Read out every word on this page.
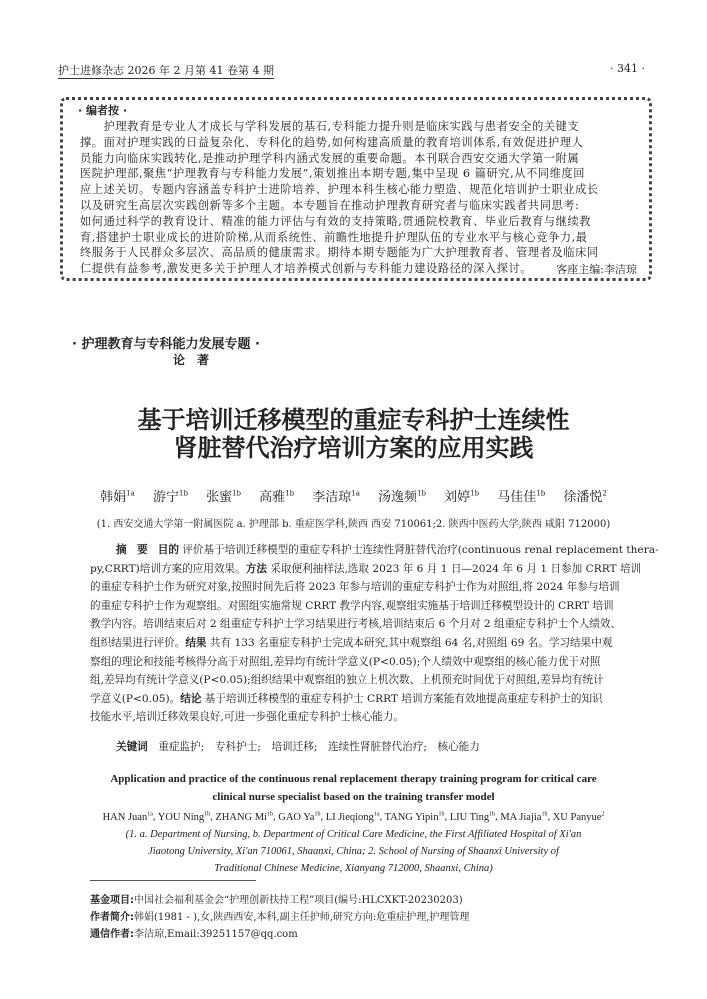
护士进修杂志 2026 年 2 月第 41 卷第 4 期	· 341 ·
· 编者按 ·
客座主编:李洁琼
· 护理教育与专科能力发展专题 ·
论著
基于培训迁移模型的重症专科护士连续性
肾脏替代治疗培训方案的应用实践
韩娟$^{1a}$ 游宁$^{1b}$ 张蜜$^{1b}$ 高雅$^{1b}$ 李洁琼$^{1a}$ 汤逸频$^{1b}$ 刘婷$^{1b}$ 马佳佳$^{1b}$ 徐潘悦$^2$
(1. 西安交通大学第一附属医院 a. 护理部 b. 重症医学科,陕西 西安 710061;2. 陕西中医药大学,陕西 咸阳 712000)
关键词　重症监护;　专科护士;　培训迁移;　连续性肾脏替代治疗;　核心能力
Application and practice of the continuous renal replacement therapy training program for critical care
clinical nurse specialist based on the training transfer model
HAN Juan$^{1a}$, YOU Ning$^{1b}$, ZHANG $Mi^{1b}$, GAO $Ya^{1b}$, LI Jieqiong$^{1a}$, TANG Yipin$^{1b}$, LIU Ting$^{1b}$, MA Jiajia$^{1b}$, XU Panyue$^2$
(1. a. Department of Nursing, b. Department of Critical Care Medicine, the First Affiliated Hospital of Xi'an
Jiaotong University, Xi'an 710061, Shaanxi, China; 2. School of Nursing of Shaanxi University of
Traditional Chinese Medicine, Xianyang 712000, Shaanxi, China)
　　护理教育是专业人才成长与学科发展的基石,专科能力提升则是临床实践与患者安全的关键支
撑。面对护理实践的日益复杂化、专科化的趋势,如何构建高质量的教育培训体系,有效促进护理人
员能力向临床实践转化,是推动护理学科内涵式发展的重要命题。本刊联合西安交通大学第一附属
医院护理部,聚焦“护理教育与专科能力发展”,策划推出本期专题,集中呈现 6 篇研究,从不同维度回
应上述关切。专题内容涵盖专科护士进阶培养、护理本科生核心能力塑造、规范化培训护士职业成长
以及研究生高层次实践创新等多个主题。本专题旨在推动护理教育研究者与临床实践者共同思考:
如何通过科学的教育设计、精准的能力评估与有效的支持策略,贯通院校教育、毕业后教育与继续教
育,搭建护士职业成长的进阶阶梯,从而系统性、前瞻性地提升护理队伍的专业水平与核心竞争力,最
终服务于人民群众多层次、高品质的健康需求。期待本期专题能为广大护理教育者、管理者及临床同
仁提供有益参考,激发更多关于护理人才培养模式创新与专科能力建设路径的深入探讨。
摘　要 目的 评价基于培训迁移模型的重症专科护士连续性肾脏替代治疗(continuous renal replacement thera-
py,CRRT)培训方案的应用效果。方法 采取便利抽样法,选取 2023 年 6 月 1 日—2024 年 6 月 1 日参加 CRRT 培训
的重症专科护士作为研究对象,按照时间先后将 2023 年参与培训的重症专科护士作为对照组,将 2024 年参与培训
的重症专科护士作为观察组。对照组实施常规 CRRT 教学内容,观察组实施基于培训迁移模型设计的 CRRT 培训
教学内容。培训结束后对 2 组重症专科护士学习结果进行考核,培训结束后 6 个月对 2 组重症专科护士个人绩效、
组织结果进行评价。结果 共有 133 名重症专科护士完成本研究,其中观察组 64 名,对照组 69 名。学习结果中观
察组的理论和技能考核得分高于对照组,差异均有统计学意义(P<0.05);个人绩效中观察组的核心能力优于对照
组,差异均有统计学意义(P<0.05);组织结果中观察组的独立上机次数、上机预充时间优于对照组,差异均有统计
学意义(P<0.05)。结论 基于培训迁移模型的重症专科护士 CRRT 培训方案能有效地提高重症专科护士的知识
技能水平,培训迁移效果良好,可进一步强化重症专科护士核心能力。
基金项目:中国社会福利基金会“护理创新扶持工程”项目(编号:HLCXKT-20230203)
作者简介:韩娟(1981 - ),女,陕西西安,本科,副主任护师,研究方向:危重症护理,护理管理
通信作者:李洁琼,Email:39251157@qq.com
